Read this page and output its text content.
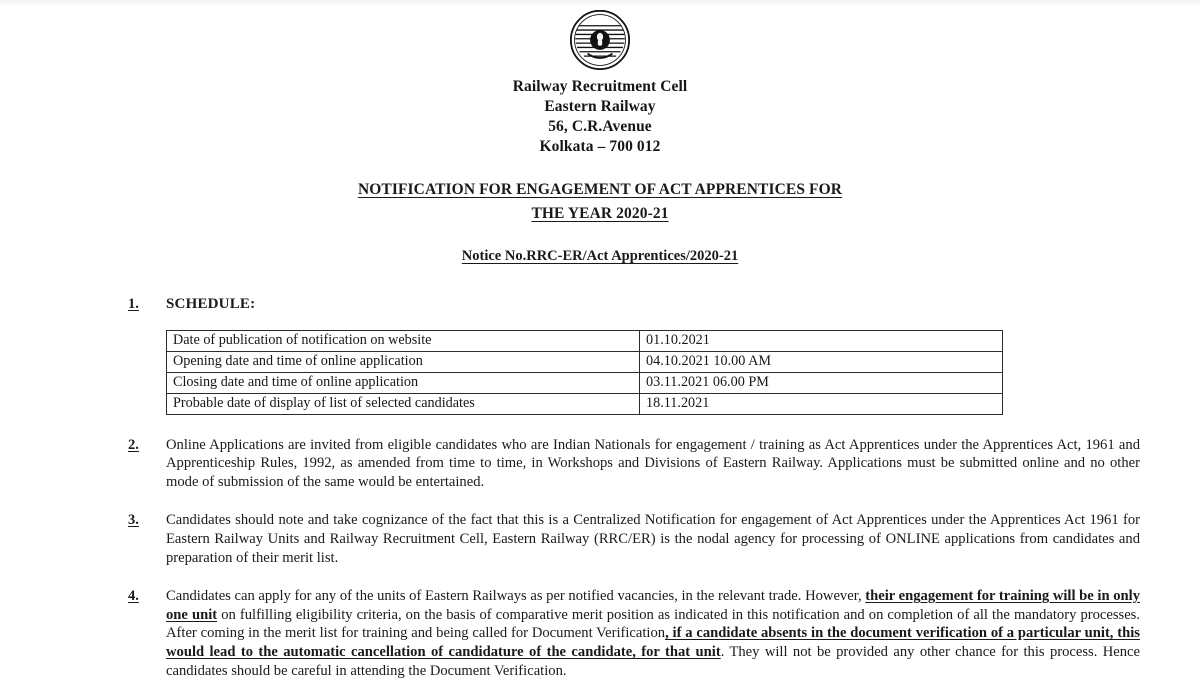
Railway Recruitment Cell
Eastern Railway
56, C.R.Avenue
Kolkata – 700 012
NOTIFICATION FOR ENGAGEMENT OF ACT APPRENTICES FOR
THE YEAR 2020-21
Notice No.RRC-ER/Act Apprentices/2020-21
1.	SCHEDULE:
Date of publication of notification on website	01.10.2021
Opening date and time of online application	04.10.2021 10.00 AM
Closing date and time of online application	03.11.2021 06.00 PM
Probable date of display of list of selected candidates	18.11.2021
2.	Online Applications are invited from eligible candidates who are Indian Nationals for engagement / training as Act Apprentices under the Apprentices Act, 1961 and Apprenticeship Rules, 1992, as amended from time to time, in Workshops and Divisions of Eastern Railway. Applications must be submitted online and no other mode of submission of the same would be entertained.
3.	Candidates should note and take cognizance of the fact that this is a Centralized Notification for engagement of Act Apprentices under the Apprentices Act 1961 for Eastern Railway Units and Railway Recruitment Cell, Eastern Railway (RRC/ER) is the nodal agency for processing of ONLINE applications from candidates and preparation of their merit list.
4.	Candidates can apply for any of the units of Eastern Railways as per notified vacancies, in the relevant trade. However, their engagement for training will be in only one unit on fulfilling eligibility criteria, on the basis of comparative merit position as indicated in this notification and on completion of all the mandatory processes. After coming in the merit list for training and being called for Document Verification, if a candidate absents in the document verification of a particular unit, this would lead to the automatic cancellation of candidature of the candidate, for that unit. They will not be provided any other chance for this process. Hence candidates should be careful in attending the Document Verification.
